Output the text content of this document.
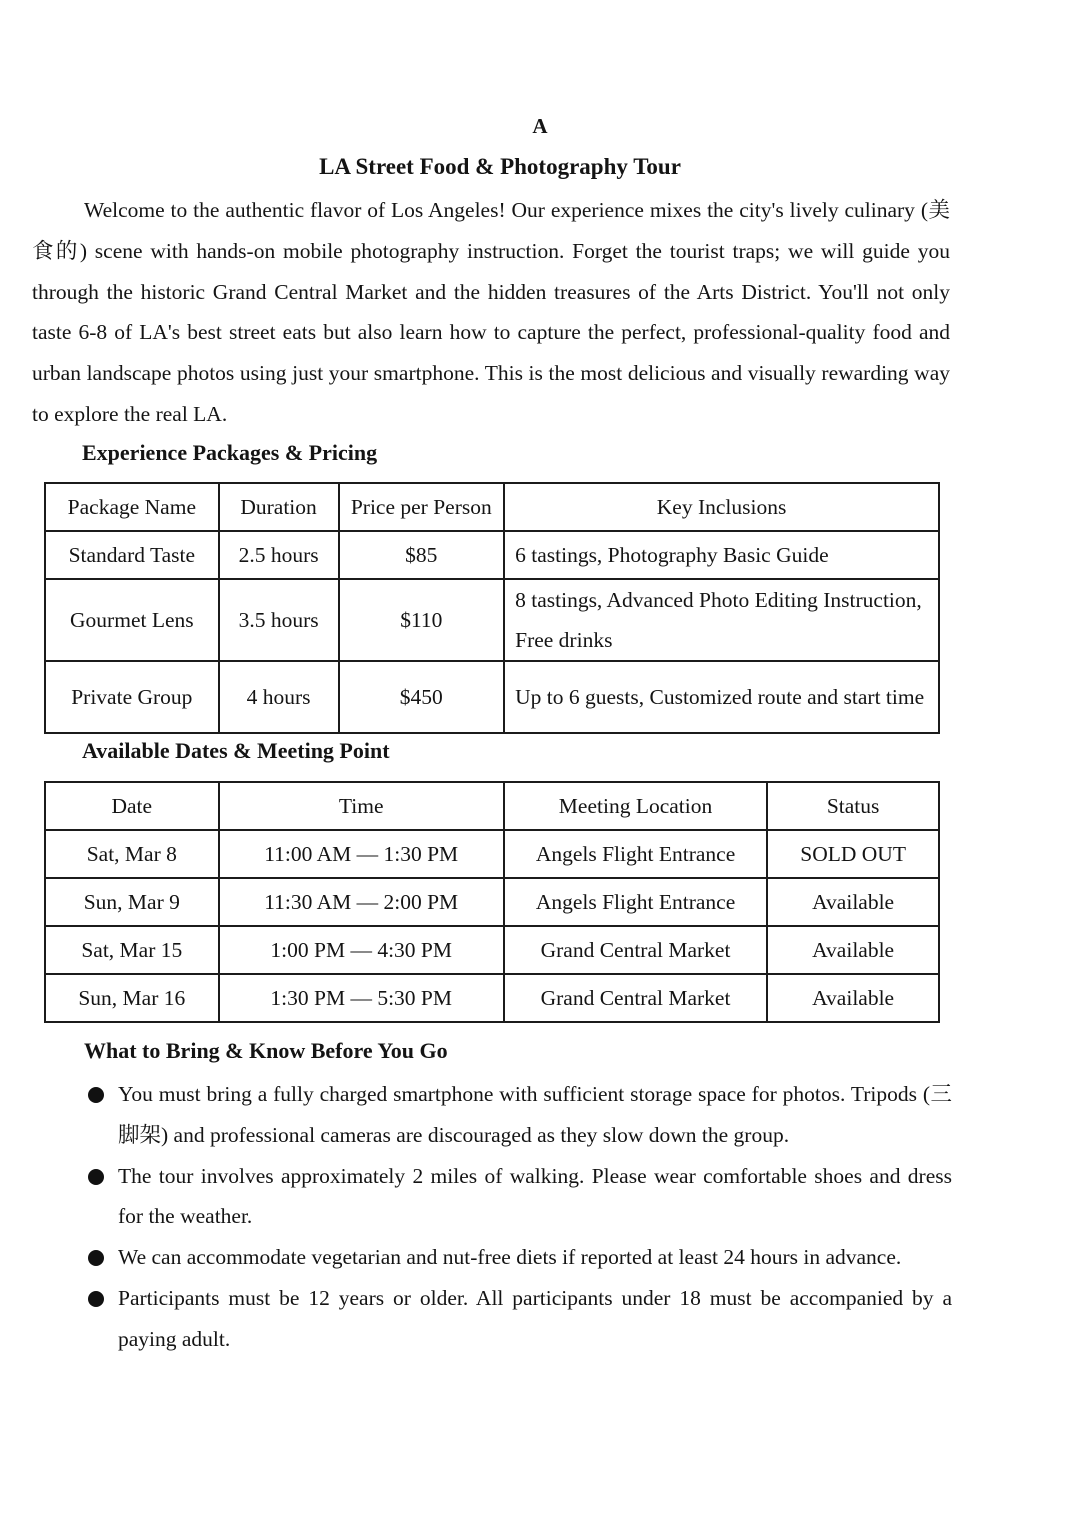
A
LA Street Food & Photography Tour

Welcome to the authentic flavor of Los Angeles! Our experience mixes the city's lively culinary (美食的) scene with hands-on mobile photography instruction. Forget the tourist traps; we will guide you through the historic Grand Central Market and the hidden treasures of the Arts District. You'll not only taste 6-8 of LA's best street eats but also learn how to capture the perfect, professional-quality food and urban landscape photos using just your smartphone. This is the most delicious and visually rewarding way to explore the real LA.

Experience Packages & Pricing
Package Name	Duration	Price per Person	Key Inclusions
Standard Taste	2.5 hours	$85	6 tastings, Photography Basic Guide
Gourmet Lens	3.5 hours	$110	8 tastings, Advanced Photo Editing Instruction, Free drinks
Private Group	4 hours	$450	Up to 6 guests, Customized route and start time
Available Dates & Meeting Point
Date	Time	Meeting Location	Status
Sat, Mar 8	11:00 AM — 1:30 PM	Angels Flight Entrance	SOLD OUT
Sun, Mar 9	11:30 AM — 2:00 PM	Angels Flight Entrance	Available
Sat, Mar 15	1:00 PM — 4:30 PM	Grand Central Market	Available
Sun, Mar 16	1:30 PM — 5:30 PM	Grand Central Market	Available
What to Bring & Know Before You Go
You must bring a fully charged smartphone with sufficient storage space for photos. Tripods (三脚架) and professional cameras are discouraged as they slow down the group.
The tour involves approximately 2 miles of walking. Please wear comfortable shoes and dress for the weather.
We can accommodate vegetarian and nut-free diets if reported at least 24 hours in advance.
Participants must be 12 years or older. All participants under 18 must be accompanied by a paying adult.
